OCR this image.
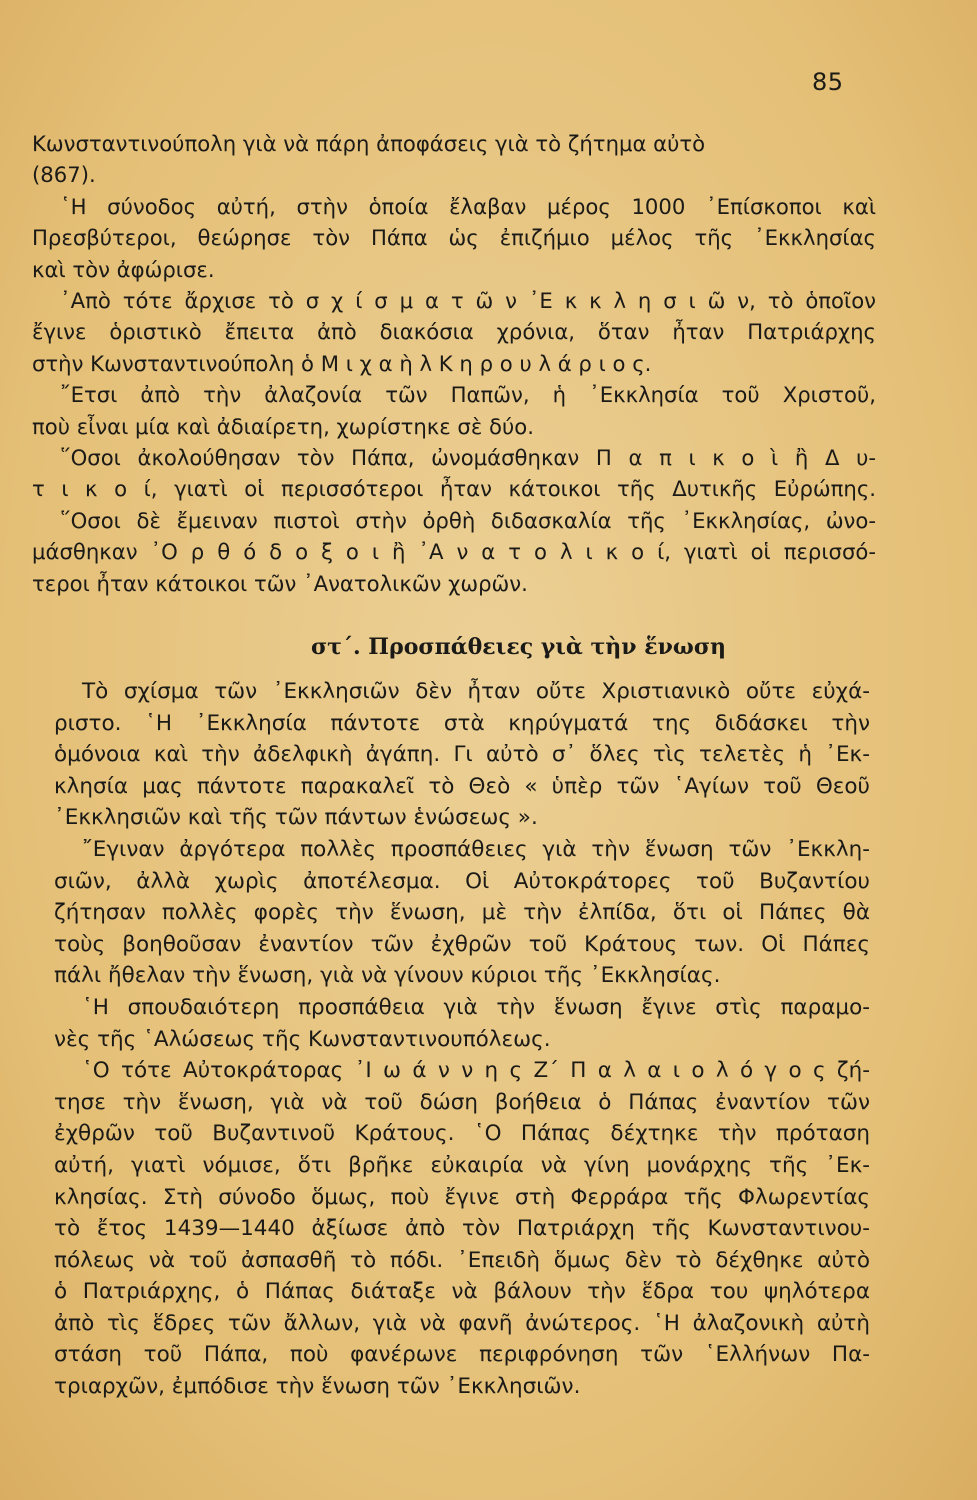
85
Κωνσταντινούπολη γιὰ νὰ πάρη ἀποφάσεις γιὰ τὸ ζήτημα αὐτὸ
(867).
῾Η σύνοδος αὐτή, στὴν ὁποία ἔλαβαν μέρος 1000 ᾿Επίσκοποι καὶ
Πρεσβύτεροι, θεώρησε τὸν Πάπα ὡς ἐπιζήμιο μέλος τῆς ᾿Εκκλησίας
καὶ τὸν ἀφώρισε.
᾿Απὸ τότε ἄρχισε τὸ σ χ ί σ μ α τ ῶ ν ᾿Ε κ κ λ η σ ι ῶ ν, τὸ ὁποῖον
ἔγινε ὁριστικὸ ἔπειτα ἀπὸ διακόσια χρόνια, ὅταν ἦταν Πατριάρχης
στὴν Κωνσταντινούπολη ὁ Μ ι χ α ὴ λ Κ η ρ ο υ λ ά ρ ι ο ς.
῎Ετσι ἀπὸ τὴν ἀλαζονία τῶν Παπῶν, ἡ ᾿Εκκλησία τοῦ Χριστοῦ,
ποὺ εἶναι μία καὶ ἀδιαίρετη, χωρίστηκε σὲ δύο.
῞Οσοι ἀκολούθησαν τὸν Πάπα, ὠνομάσθηκαν Π α π ι κ ο ὶ ἢ Δ υ-
τ ι κ ο ί, γιατὶ οἱ περισσότεροι ἦταν κάτοικοι τῆς Δυτικῆς Εὐρώπης.
῞Οσοι δὲ ἔμειναν πιστοὶ στὴν ὀρθὴ διδασκαλία τῆς ᾿Εκκλησίας, ὠνο-
μάσθηκαν ᾿Ο ρ θ ό δ ο ξ ο ι ἢ ᾿Α ν α τ ο λ ι κ ο ί, γιατὶ οἱ περισσό-
τεροι ἦταν κάτοικοι τῶν ᾿Ανατολικῶν χωρῶν.
στ΄. Προσπάθειες γιὰ τὴν ἕνωση
Τὸ σχίσμα τῶν ᾿Εκκλησιῶν δὲν ἦταν οὔτε Χριστιανικὸ οὔτε εὐχά-
ριστο. ῾Η ᾿Εκκλησία πάντοτε στὰ κηρύγματά της διδάσκει τὴν
ὁμόνοια καὶ τὴν ἀδελφικὴ ἀγάπη. Γι αὐτὸ σ᾿ ὅλες τὶς τελετὲς ἡ ᾿Εκ-
κλησία μας πάντοτε παρακαλεῖ τὸ Θεὸ « ὑπὲρ τῶν ῾Αγίων τοῦ Θεοῦ
᾿Εκκλησιῶν καὶ τῆς τῶν πάντων ἑνώσεως ».
῎Εγιναν ἀργότερα πολλὲς προσπάθειες γιὰ τὴν ἕνωση τῶν ᾿Εκκλη-
σιῶν, ἀλλὰ χωρὶς ἀποτέλεσμα. Οἱ Αὐτοκράτορες τοῦ Βυζαντίου
ζήτησαν πολλὲς φορὲς τὴν ἕνωση, μὲ τὴν ἐλπίδα, ὅτι οἱ Πάπες θὰ
τοὺς βοηθοῦσαν ἐναντίον τῶν ἐχθρῶν τοῦ Κράτους των. Οἱ Πάπες
πάλι ἤθελαν τὴν ἕνωση, γιὰ νὰ γίνουν κύριοι τῆς ᾿Εκκλησίας.
῾Η σπουδαιότερη προσπάθεια γιὰ τὴν ἕνωση ἔγινε στὶς παραμο-
νὲς τῆς ῾Αλώσεως τῆς Κωνσταντινουπόλεως.
῾Ο τότε Αὐτοκράτορας ᾿Ι ω ά ν ν η ς Ζ΄ Π α λ α ι ο λ ό γ ο ς ζή-
τησε τὴν ἕνωση, γιὰ νὰ τοῦ δώση βοήθεια ὁ Πάπας ἐναντίον τῶν
ἐχθρῶν τοῦ Βυζαντινοῦ Κράτους. ῾Ο Πάπας δέχτηκε τὴν πρόταση
αὐτή, γιατὶ νόμισε, ὅτι βρῆκε εὐκαιρία νὰ γίνη μονάρχης τῆς ᾿Εκ-
κλησίας. Στὴ σύνοδο ὅμως, ποὺ ἔγινε στὴ Φερράρα τῆς Φλωρεντίας
τὸ ἔτος 1439—1440 ἀξίωσε ἀπὸ τὸν Πατριάρχη τῆς Κωνσταντινου-
πόλεως νὰ τοῦ ἀσπασθῆ τὸ πόδι. ᾿Επειδὴ ὅμως δὲν τὸ δέχθηκε αὐτὸ
ὁ Πατριάρχης, ὁ Πάπας διάταξε νὰ βάλουν τὴν ἕδρα του ψηλότερα
ἀπὸ τὶς ἕδρες τῶν ἄλλων, γιὰ νὰ φανῆ ἀνώτερος. ῾Η ἀλαζονικὴ αὐτὴ
στάση τοῦ Πάπα, ποὺ φανέρωνε περιφρόνηση τῶν ῾Ελλήνων Πα-
τριαρχῶν, ἐμπόδισε τὴν ἕνωση τῶν ᾿Εκκλησιῶν.
